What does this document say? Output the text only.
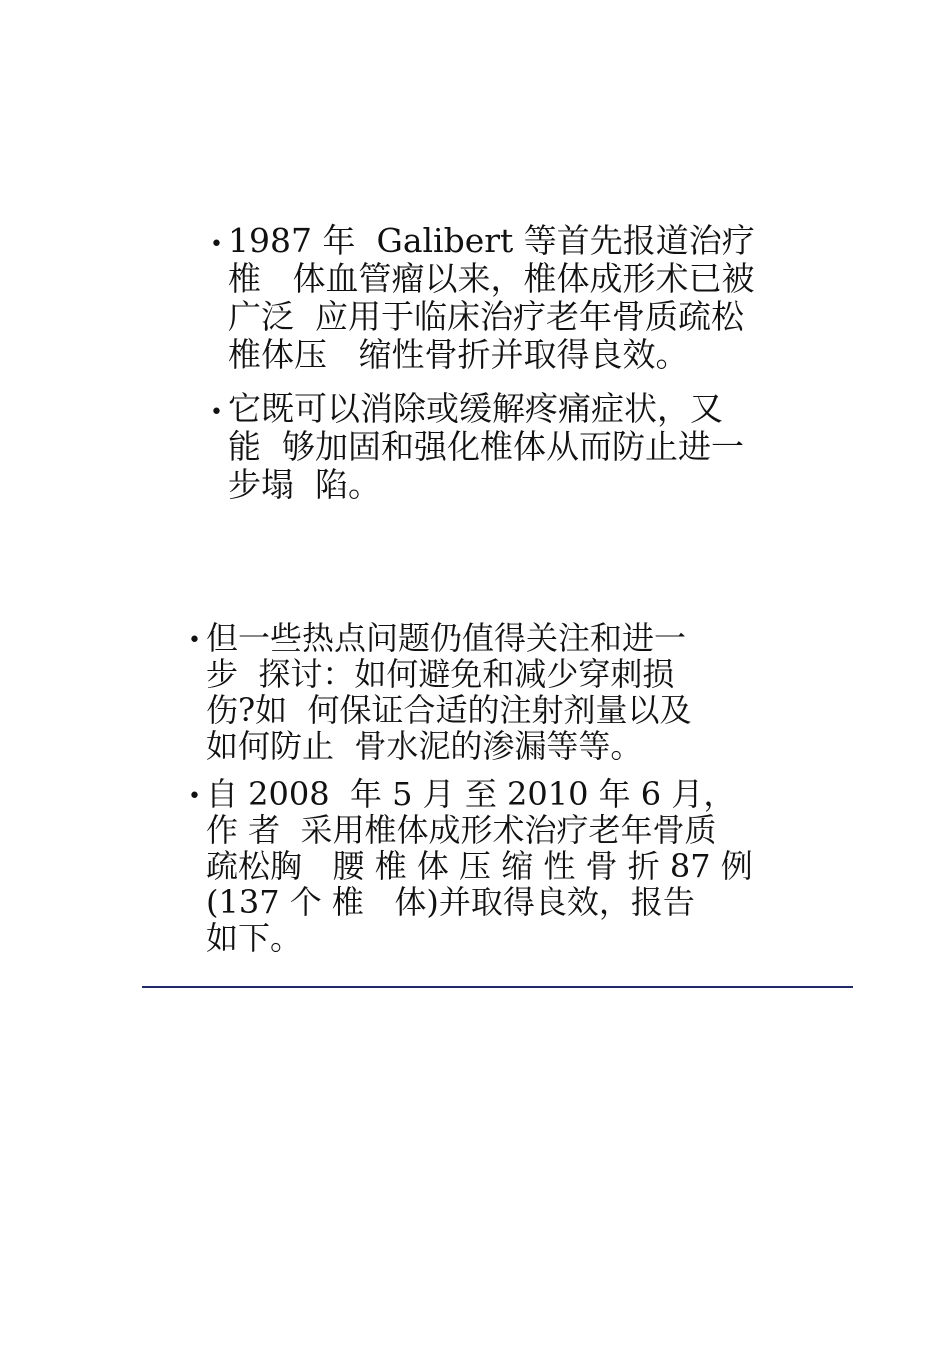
• 1987 年  Galibert 等首先报道治疗
椎   体血管瘤以来，椎体成形术已被
广泛  应用于临床治疗老年骨质疏松
椎体压   缩性骨折并取得良效。
• 它既可以消除或缓解疼痛症状，又
能  够加固和强化椎体从而防止进一
步塌  陷。
• 但一些热点问题仍值得关注和进一
步  探讨：如何避免和减少穿刺损
伤?如  何保证合适的注射剂量以及
如何防止  骨水泥的渗漏等等。
• 自 2008  年 5 月 至 2010 年 6 月，
作 者  采用椎体成形术治疗老年骨质
疏松胸   腰 椎 体 压 缩 性 骨 折 87 例
(137 个 椎   体)并取得良效，报告
如下。
